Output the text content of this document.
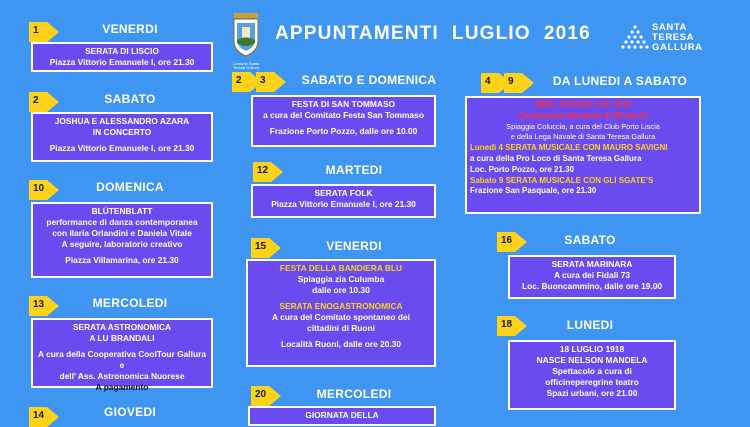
Comune Santa Teresa Gallura
APPUNTAMENTI  LUGLIO  2016	SANTA
TERESA
GALLURA
1	VENERDI

SERATA DI LISCIO

Piazza Vittorio Emanuele I, ore 21.30

2	SABATO

JOSHUA E ALESSANDRO AZARA

IN CONCERTO

Piazza Vittorio Emanuele I, ore 21.30

10	DOMENICA

BLÜTENBLATT

performance di danza contemporanea

con Ilaria Orlandini e Daniela Vitale

A seguire, laboratorio creativo

Piazza Villamarina, ore 21.30

13	MERCOLEDI

SERATA ASTRONOMICA

A LU BRANDALI

A cura della Cooperativa CoolTour Gallura e

dell’ Ass. Astronomica Nuorese

A pagamento

14	GIOVEDI
2 3	SABATO E DOMENICA

FESTA DI SAN TOMMASO

a cura del Comitato Festa San Tommaso

Frazione Porto Pozzo, dalle ore 10.00

12	MARTEDI

SERATA FOLK

Piazza Vittorio Emanuele I, ore 21.30

15	VENERDI

FESTA DELLA BANDIERA BLU

Spiaggia zia Culumba

dalle ore 10.30

SERATA ENOGASTRONOMICA

A cura del Comitato spontaneo dei

cittadini di Ruoni

Località Ruoni, dalle ore 20.30

20	MERCOLEDI

GIORNATA DELLA

4 9	DA LUNEDI A SABATO

WIND TECHNO CUP 2016

Campionato Mondiale di Windsurf

Spiaggia Coluccia, a cura del Club Porto Liscia

e della Lega Navale di Santa Teresa Gallura

Lunedì 4 SERATA MUSICALE CON MAURO SAVIGNI

a cura della Pro Loco di Santa Teresa Gallura

Loc. Porto Pozzo, ore 21.30

Sabato 9 SERATA MUSICALE CON GLI SGATE’S

Frazione San Pasquale, ore 21.30

16	SABATO

SERATA MARINARA

A cura dei Fidali 73

Loc. Buoncammino, dalle ore 19.00

18	LUNEDI

18 LUGLIO 1918

NASCE NELSON MANDELA

Spettacolo a cura di

officineperegrine teatro

Spazi urbani, ore 21.00
